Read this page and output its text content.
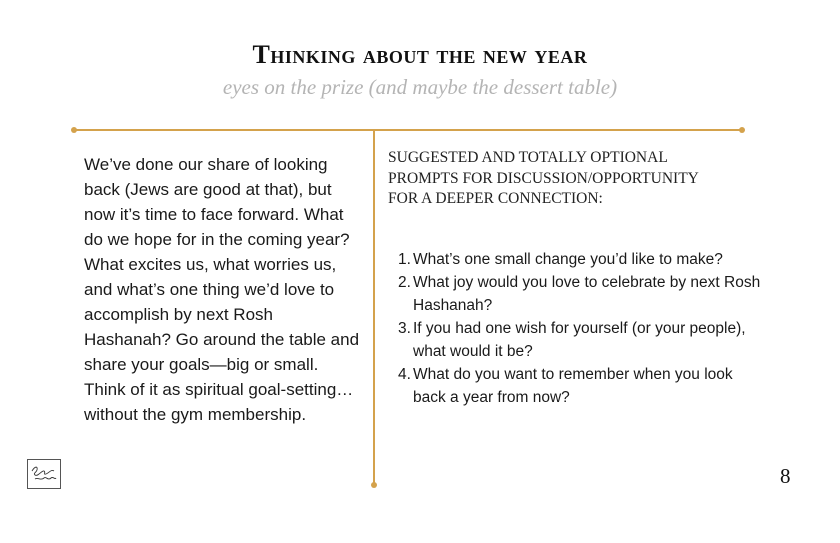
Thinking about the new year
eyes on the prize (and maybe the dessert table)

We’ve done our share of looking back (Jews are good at that), but now it’s time to face forward. What do we hope for in the coming year? What excites us, what worries us, and what’s one thing we’d love to accomplish by next Rosh Hashanah? Go around the table and share your goals—big or small. Think of it as spiritual goal-setting… without the gym membership.

SUGGESTED AND TOTALLY OPTIONAL PROMPTS FOR DISCUSSION/OPPORTUNITY FOR A DEEPER CONNECTION:
1. What’s one small change you’d like to make?
2. What joy would you love to celebrate by next Rosh Hashanah?
3. If you had one wish for yourself (or your people), what would it be?
4. What do you want to remember when you look back a year from now?
8
